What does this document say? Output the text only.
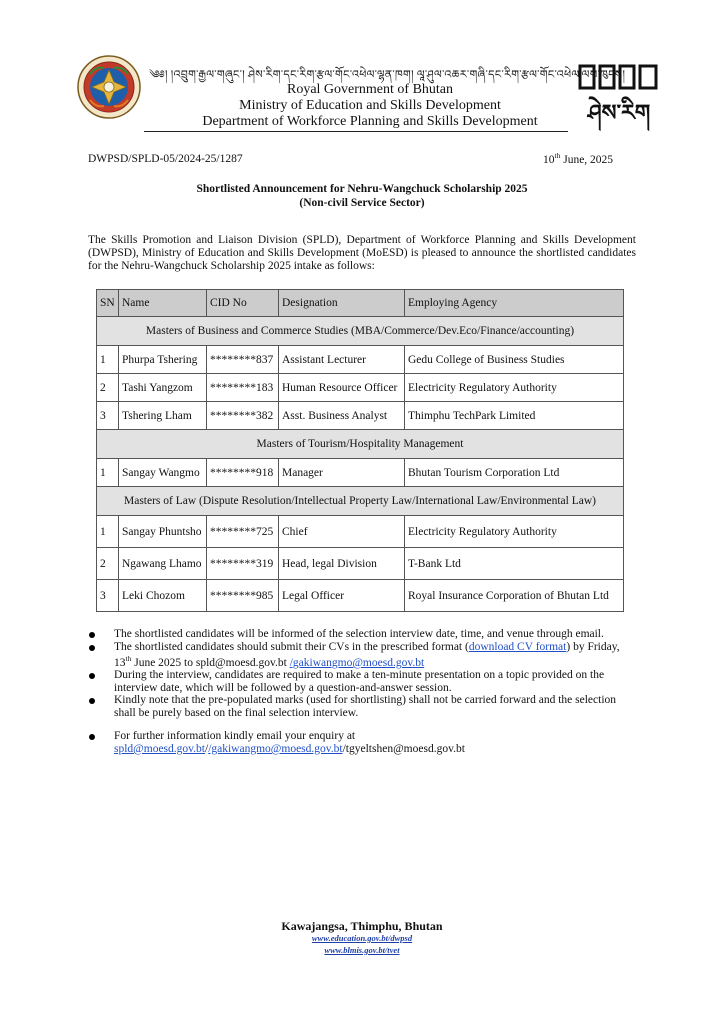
༄༅། །འབྲུག་རྒྱལ་གཞུང་། ཤེས་རིག་དང་རིག་རྩལ་གོང་འཕེལ་ལྷན་ཁག། ལཱ་ཤུལ་འཆར་གཞི་དང་རིག་རྩལ་གོང་འཕེལ་ལས་ཁུངས།
Royal Government of Bhutan
Ministry of Education and Skills Development
Department of Workforce Planning and Skills Development	ཤེས་རིག
DWPSD/SPLD-05/2024-25/1287	10th June, 2025
Shortlisted Announcement for Nehru-Wangchuck Scholarship 2025
(Non-civil Service Sector)
The Skills Promotion and Liaison Division (SPLD), Department of Workforce Planning and Skills Development (DWPSD), Ministry of Education and Skills Development (MoESD) is pleased to announce the shortlisted candidates for the Nehru-Wangchuck Scholarship 2025 intake as follows:
SN	Name	CID No	Designation	Employing Agency
Masters of Business and Commerce Studies (MBA/Commerce/Dev.Eco/Finance/accounting)				
1	Phurpa Tshering	********837	Assistant Lecturer	Gedu College of Business Studies
2	Tashi Yangzom	********183	Human Resource Officer	Electricity Regulatory Authority
3	Tshering Lham	********382	Asst. Business Analyst	Thimphu TechPark Limited
Masters of Tourism/Hospitality Management				
1	Sangay Wangmo	********918	Manager	Bhutan Tourism Corporation Ltd
Masters of Law (Dispute Resolution/Intellectual Property Law/International Law/Environmental Law)				
1	Sangay Phuntsho	********725	Chief	Electricity Regulatory Authority
2	Ngawang Lhamo	********319	Head, legal Division	T-Bank Ltd
3	Leki Chozom	********985	Legal Officer	Royal Insurance Corporation of Bhutan Ltd
The shortlisted candidates will be informed of the selection interview date, time, and venue through email.
The shortlisted candidates should submit their CVs in the prescribed format (download CV format) by Friday, 13th June 2025 to spld@moesd.gov.bt /gakiwangmo@moesd.gov.bt
During the interview, candidates are required to make a ten-minute presentation on a topic provided on the interview date, which will be followed by a question-and-answer session.
Kindly note that the pre-populated marks (used for shortlisting) shall not be carried forward and the selection shall be purely based on the final selection interview.
For further information kindly email your enquiry at
spld@moesd.gov.bt//gakiwangmo@moesd.gov.bt/tgyeltshen@moesd.gov.bt
Kawajangsa, Thimphu, Bhutan
www.education.gov.bt/dwpsd
www.blmis.gov.bt/tvet
